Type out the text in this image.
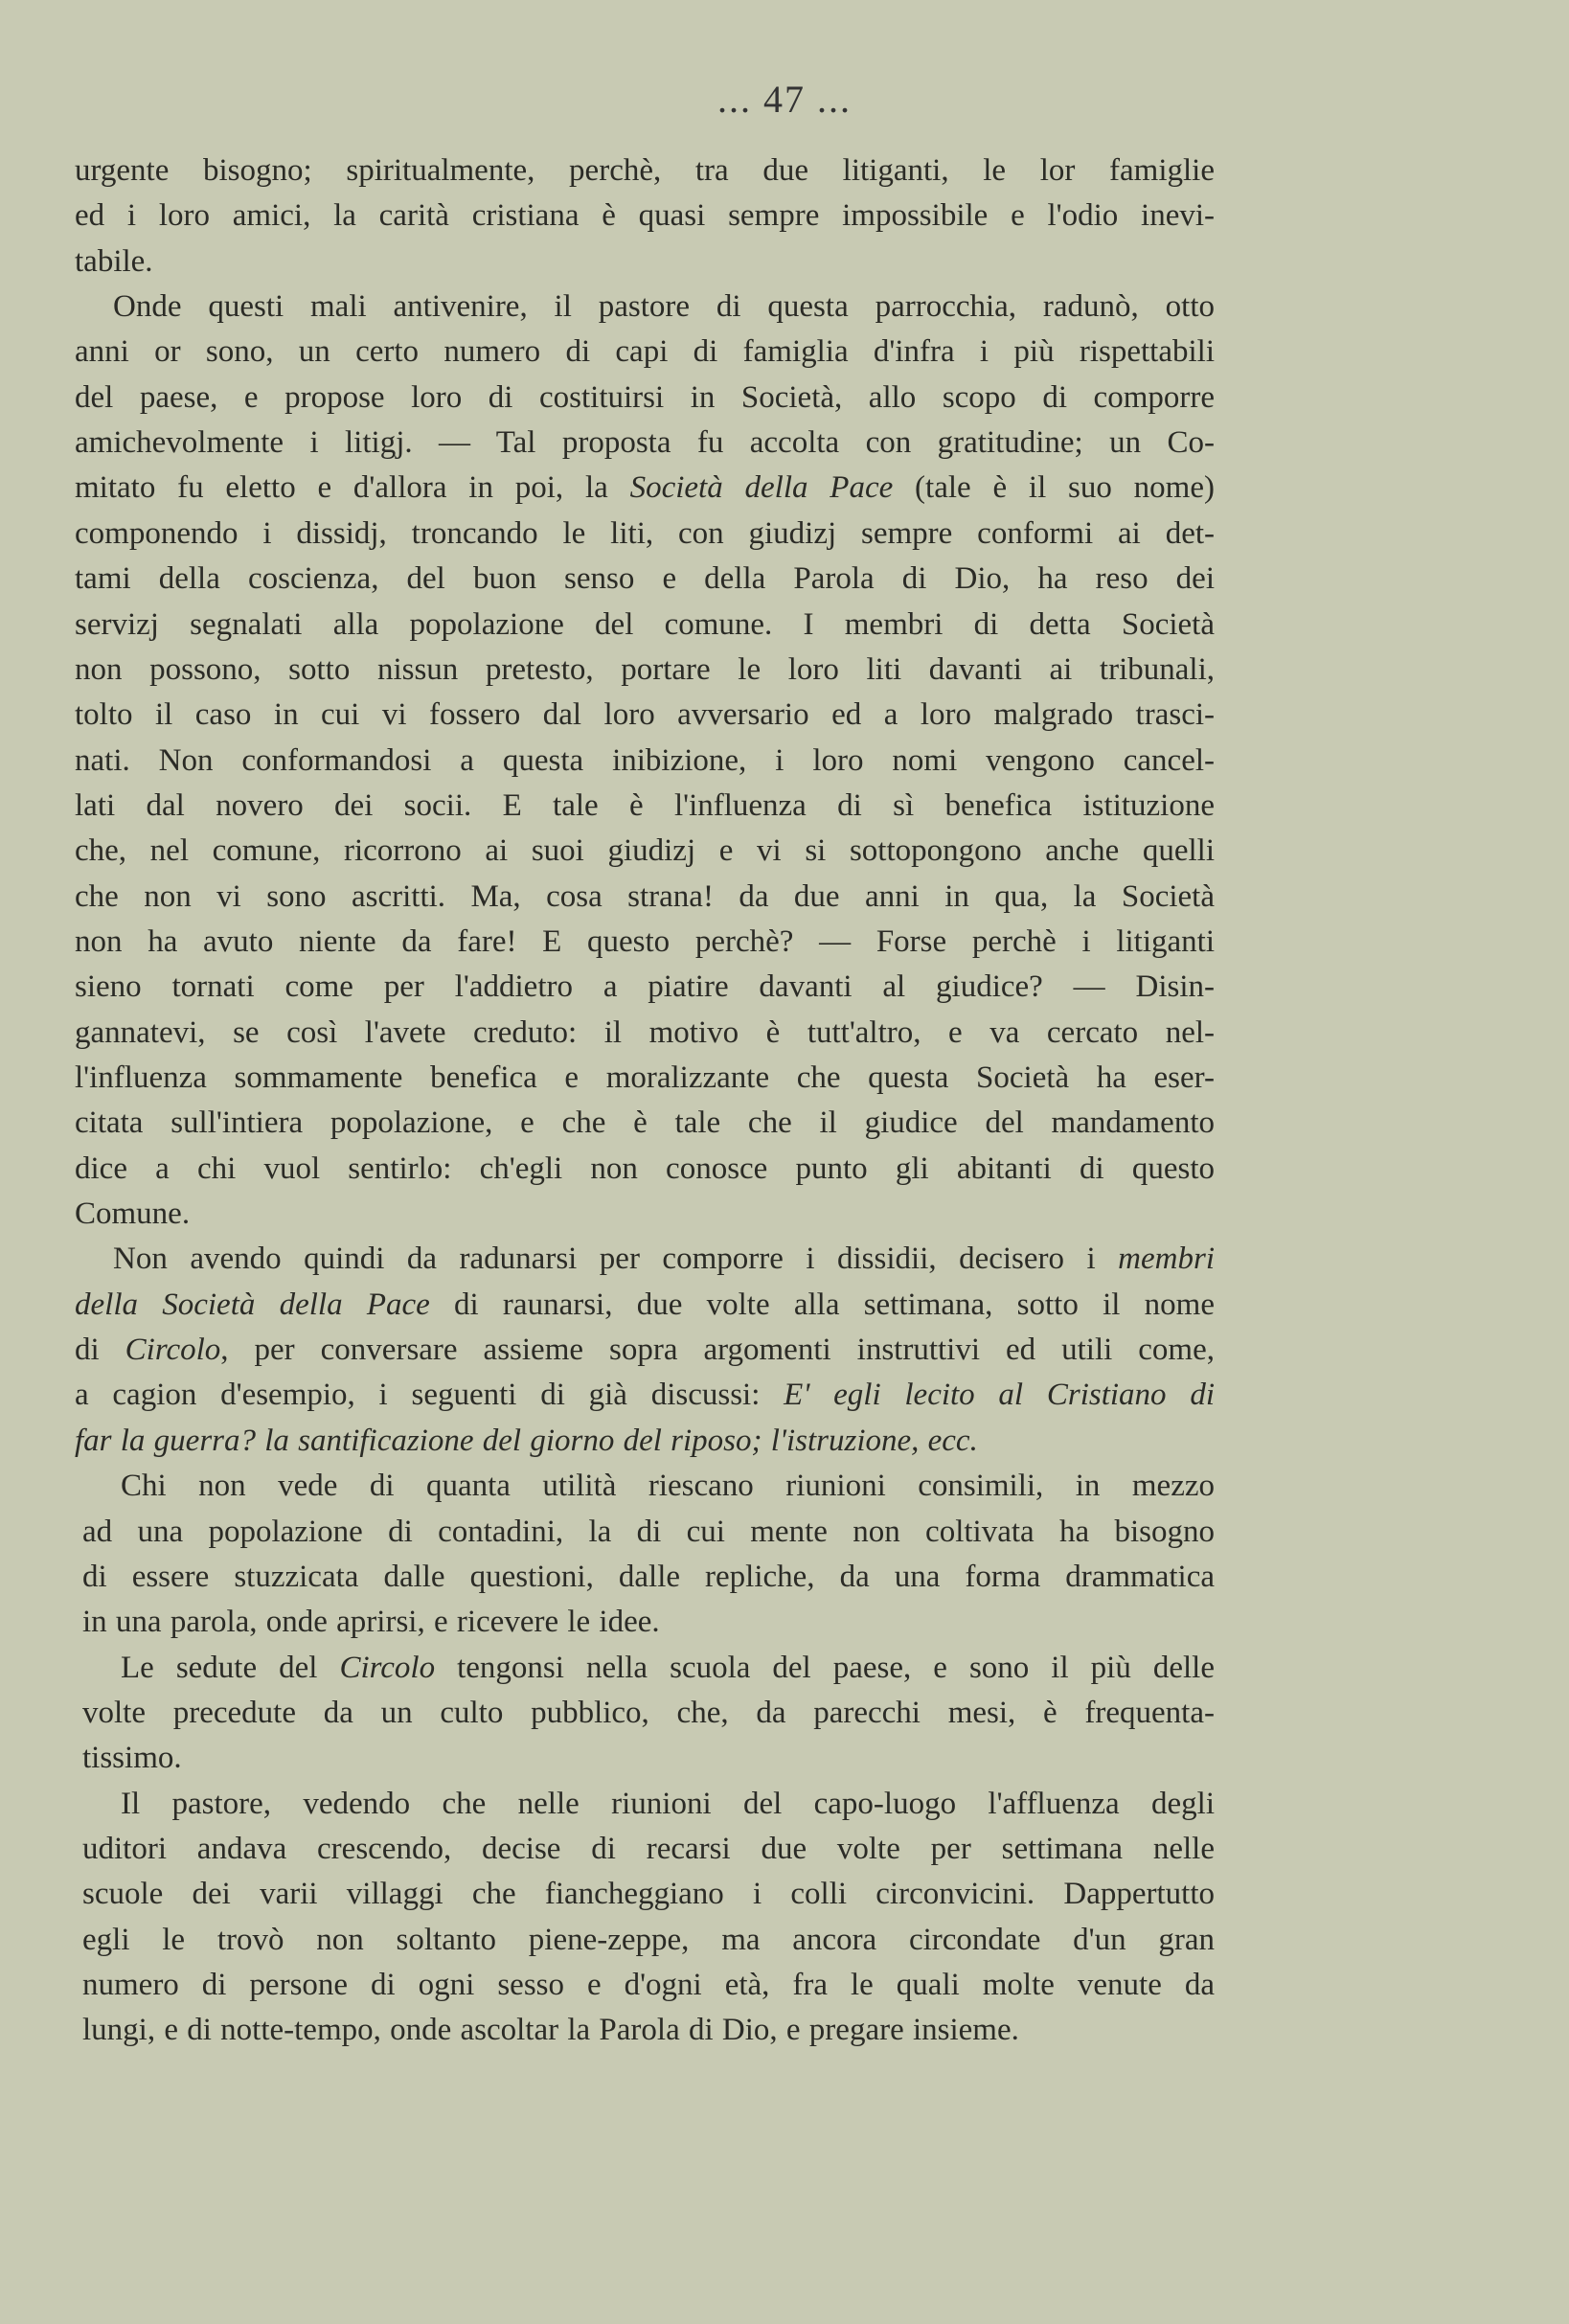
... 47 ...
urgente bisogno; spiritualmente, perchè, tra due litiganti, le lor famiglie
ed i loro amici, la carità cristiana è quasi sempre impossibile e l'odio inevi-
tabile.
Onde questi mali antivenire, il pastore di questa parrocchia, radunò, otto
anni or sono, un certo numero di capi di famiglia d'infra i più rispettabili
del paese, e propose loro di costituirsi in Società, allo scopo di comporre
amichevolmente i litigj. — Tal proposta fu accolta con gratitudine; un Co-
mitato fu eletto e d'allora in poi, la Società della Pace (tale è il suo nome)
componendo i dissidj, troncando le liti, con giudizj sempre conformi ai det-
tami della coscienza, del buon senso e della Parola di Dio, ha reso dei
servizj segnalati alla popolazione del comune. I membri di detta Società
non possono, sotto nissun pretesto, portare le loro liti davanti ai tribunali,
tolto il caso in cui vi fossero dal loro avversario ed a loro malgrado trasci-
nati. Non conformandosi a questa inibizione, i loro nomi vengono cancel-
lati dal novero dei socii. E tale è l'influenza di sì benefica istituzione
che, nel comune, ricorrono ai suoi giudizj e vi si sottopongono anche quelli
che non vi sono ascritti. Ma, cosa strana! da due anni in qua, la Società
non ha avuto niente da fare! E questo perchè? — Forse perchè i litiganti
sieno tornati come per l'addietro a piatire davanti al giudice? — Disin-
gannatevi, se così l'avete creduto: il motivo è tutt'altro, e va cercato nel-
l'influenza sommamente benefica e moralizzante che questa Società ha eser-
citata sull'intiera popolazione, e che è tale che il giudice del mandamento
dice a chi vuol sentirlo: ch'egli non conosce punto gli abitanti di questo
Comune.
Non avendo quindi da radunarsi per comporre i dissidii, decisero i membri
della Società della Pace di raunarsi, due volte alla settimana, sotto il nome
di Circolo, per conversare assieme sopra argomenti instruttivi ed utili come,
a cagion d'esempio, i seguenti di già discussi: E' egli lecito al Cristiano di
far la guerra? la santificazione del giorno del riposo; l'istruzione, ecc.
Chi non vede di quanta utilità riescano riunioni consimili, in mezzo
ad una popolazione di contadini, la di cui mente non coltivata ha bisogno
di essere stuzzicata dalle questioni, dalle repliche, da una forma drammatica
in una parola, onde aprirsi, e ricevere le idee.
Le sedute del Circolo tengonsi nella scuola del paese, e sono il più delle
volte precedute da un culto pubblico, che, da parecchi mesi, è frequenta-
tissimo.
Il pastore, vedendo che nelle riunioni del capo-luogo l'affluenza degli
uditori andava crescendo, decise di recarsi due volte per settimana nelle
scuole dei varii villaggi che fiancheggiano i colli circonvicini. Dappertutto
egli le trovò non soltanto piene-zeppe, ma ancora circondate d'un gran
numero di persone di ogni sesso e d'ogni età, fra le quali molte venute da
lungi, e di notte-tempo, onde ascoltar la Parola di Dio, e pregare insieme.
